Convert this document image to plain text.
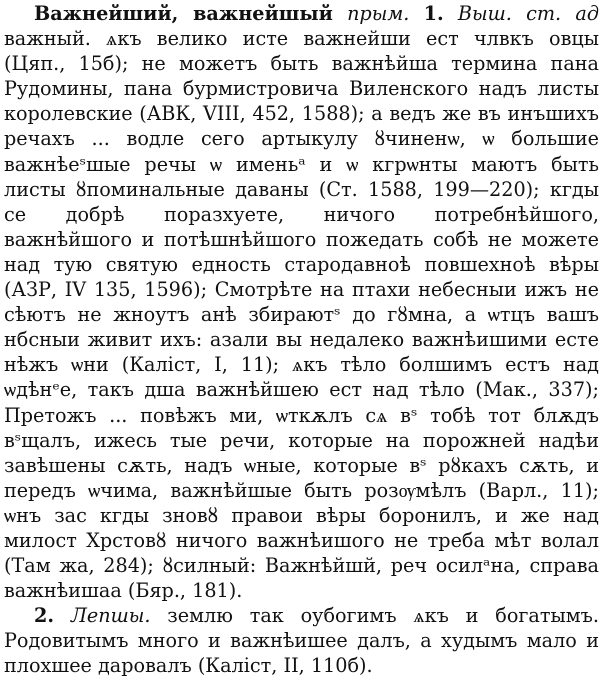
Важнейший, важнейшый прым. 1. Выш. ст. ад важный. ѧкъ велико исте важнейши ест члвкъ овцы (Цяп., 15б); не можетъ быть важнѣйша термина пана Рудомины, пана бурмистровича Виленского надъ листы королевские (АВК, VIII, 452, 1588); а ведъ же въ инъшихъ речахъ ... водле сего артыкулу ȣчиненѡ, ѡ большие важнѣеˢшые речы ѡ именьᵃ и ѡ кгрѡнты маютъ быть листы ȣпоминальные даваны (Ст. 1588, 199—220); кгды се добрѣ поразхуете, ничого потребнѣйшого, важнѣйшого и потѣшнѣйшого пожедать собѣ не можете над тую святую едность стародавноѣ повшехноѣ вѣры (АЗР, IV 135, 1596); Смотрѣте на птахи небесныи ижъ не сѣютъ не жноутъ анѣ збираютˢ до гȣмна, а ѡтцъ вашъ нбсныи живит ихъ: азали вы недалеко важнѣишими есте нѣжъ ѡни (Каліст, I, 11); ѧкъ тѣло болшимъ естъ над ѡдѣнᵉе, такъ дша важнѣйшею ест над тѣло (Мак., 337); Претожъ ... повѣжъ ми, ѡткѫлъ сѧ вˢ тобѣ тот блѫдъ вˢщалъ, ижесь тые речи, которые на порожней надѣи завѣшены сѫть, надъ ѡные, которые вˢ рȣкахъ сѫть, и передъ ѡчима, важнѣйшые быть розѹмѣлъ (Варл., 11); ѡнъ зас кгды зновȣ правои вѣры боронилъ, и же над милост Хрстовȣ ничого важнѣишого не треба мѣт волал (Там жа, 284); ȣсилный: Важнѣйшй, реч осилᵃна, справа важнѣишаа (Бяр., 181).

2. Лепшы. землю так оубогимъ ѧкъ и богатымъ. Родовитымъ много и важнѣишее далъ, а худымъ мало и плохшее даровалъ (Каліст, II, 110б).
